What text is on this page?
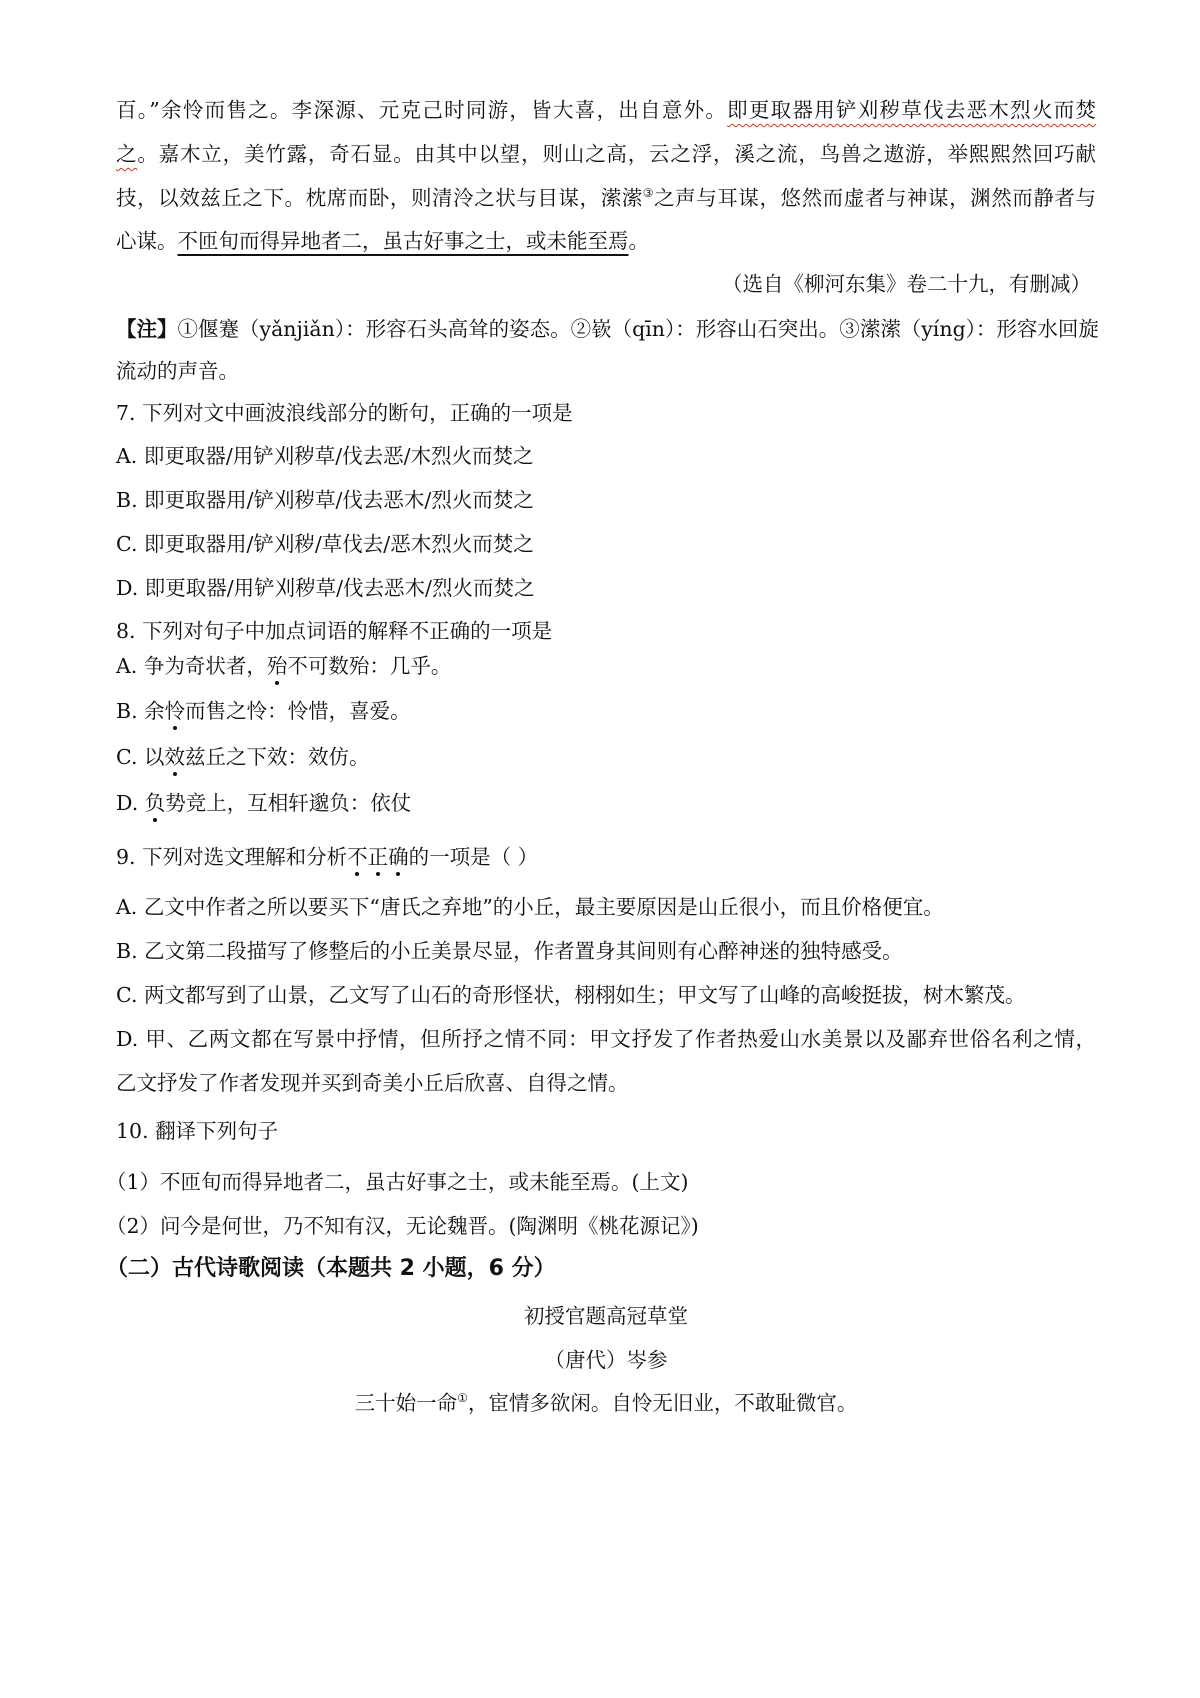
百。”余怜而售之。李深源、元克己时同游，皆大喜，出自意外。即更取器用铲刈秽草伐去恶木烈火而焚
之。嘉木立，美竹露，奇石显。由其中以望，则山之高，云之浮，溪之流，鸟兽之遨游，举熙熙然回巧献
技，以效兹丘之下。枕席而卧，则清泠之状与目谋，潆潆③之声与耳谋，悠然而虚者与神谋，渊然而静者与
心谋。不匝旬而得异地者二，虽古好事之士，或未能至焉。
（选自《柳河东集》卷二十九，有删减）
【注】①偃蹇（yǎnjiǎn）：形容石头高耸的姿态。②嵚（qīn）：形容山石突出。③潆潆（yíng）：形容水回旋
流动的声音。
7. 下列对文中画波浪线部分的断句，正确的一项是
A. 即更取器/用铲刈秽草/伐去恶/木烈火而焚之
B. 即更取器用/铲刈秽草/伐去恶木/烈火而焚之
C. 即更取器用/铲刈秽/草伐去/恶木烈火而焚之
D. 即更取器/用铲刈秽草/伐去恶木/烈火而焚之
8. 下列对句子中加点词语的解释不正确的一项是
A. 争为奇状者，殆不可数殆：几乎。
B. 余怜而售之怜：怜惜，喜爱。
C. 以效兹丘之下效：效仿。
D. 负势竞上，互相轩邈负：依仗
9. 下列对选文理解和分析不正确的一项是（ ）
A. 乙文中作者之所以要买下“唐氏之弃地”的小丘，最主要原因是山丘很小，而且价格便宜。
B. 乙文第二段描写了修整后的小丘美景尽显，作者置身其间则有心醉神迷的独特感受。
C. 两文都写到了山景，乙文写了山石的奇形怪状，栩栩如生；甲文写了山峰的高峻挺拔，树木繁茂。
D. 甲、乙两文都在写景中抒情，但所抒之情不同：甲文抒发了作者热爱山水美景以及鄙弃世俗名利之情，
乙文抒发了作者发现并买到奇美小丘后欣喜、自得之情。
10. 翻译下列句子
（1）不匝旬而得异地者二，虽古好事之士，或未能至焉。(上文)
（2）问今是何世，乃不知有汉，无论魏晋。(陶渊明《桃花源记》)
（二）古代诗歌阅读（本题共 2 小题，6 分）
初授官题高冠草堂
（唐代）岑参
三十始一命①，宦情多欲闲。自怜无旧业，不敢耻微官。
